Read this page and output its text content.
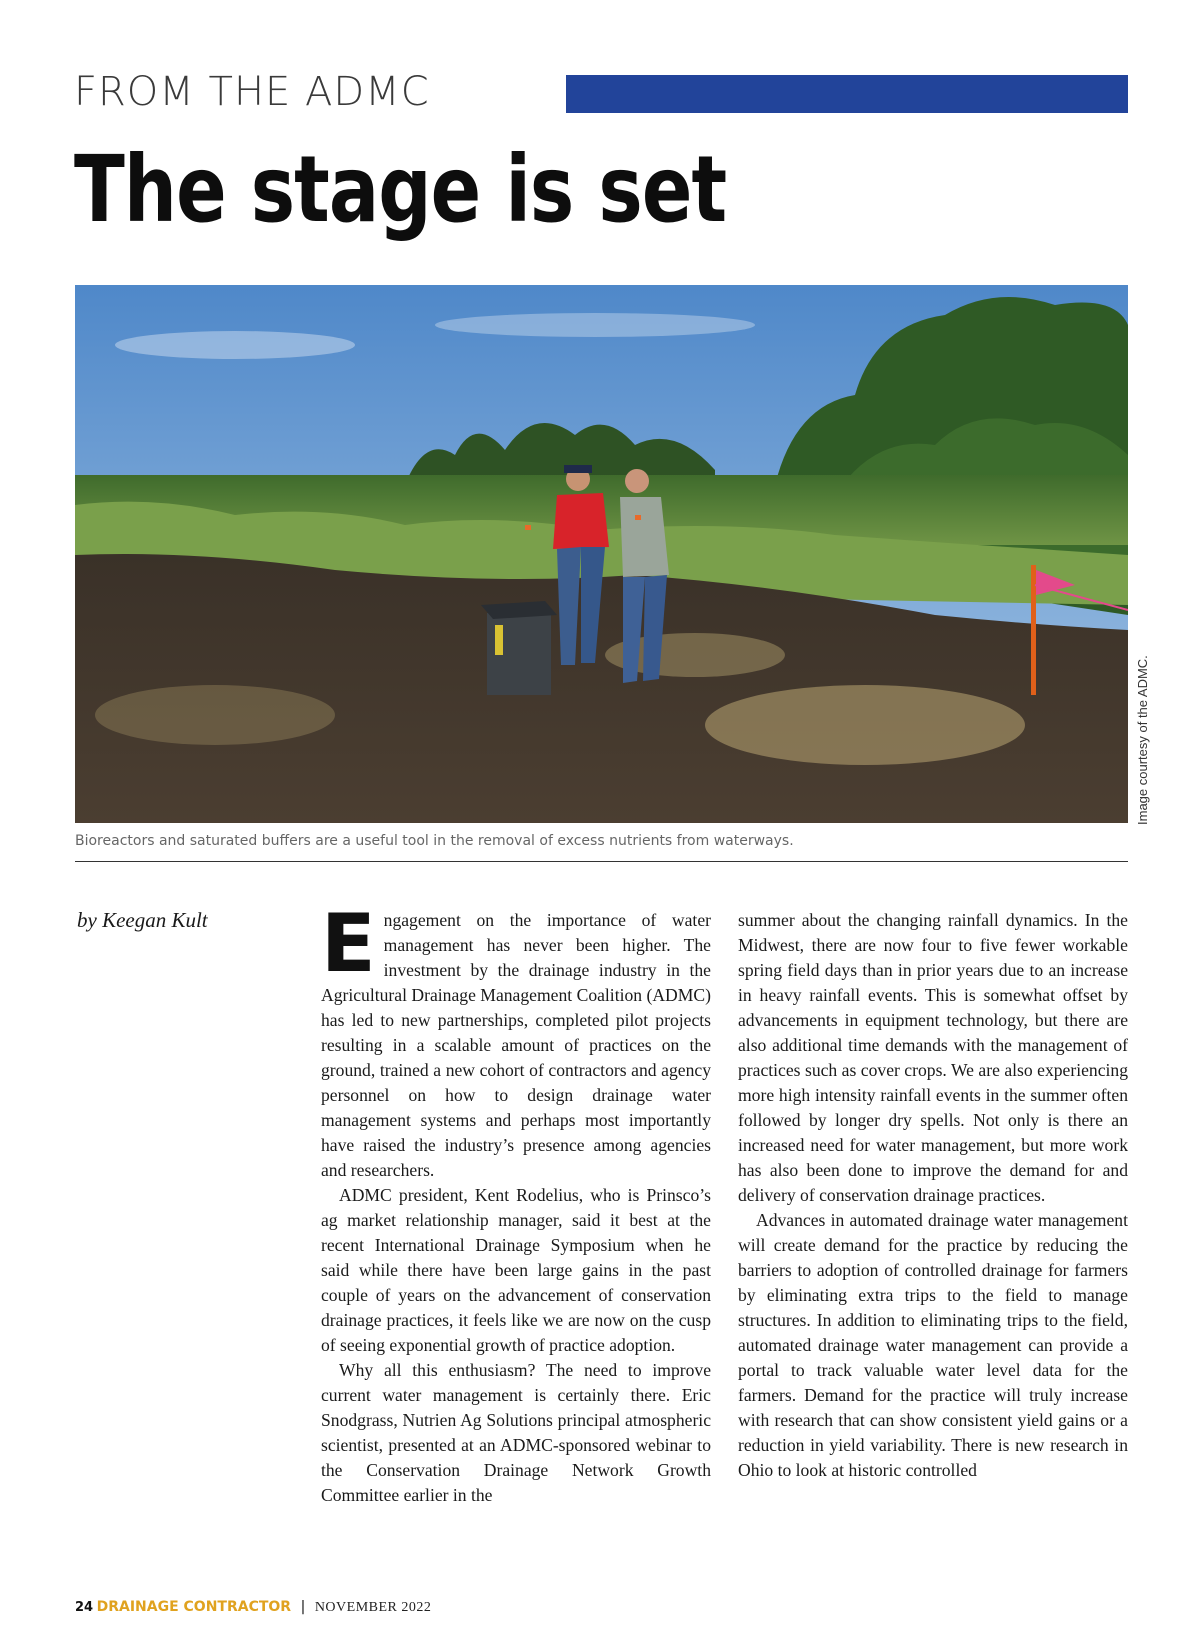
FROM THE ADMC
The stage is set
Image courtesy of the ADMC.
Bioreactors and saturated buffers are a useful tool in the removal of excess nutrients from waterways.
by Keegan Kult Engagement on the importance of water management has never been higher. The investment by the drainage industry in the Agricultural Drainage Management Coalition (ADMC) has led to new partnerships, completed pilot projects resulting in a scalable amount of practices on the ground, trained a new cohort of contractors and agency personnel on how to design drainage water management systems and perhaps most importantly have raised the industry’s presence among agencies and researchers.

ADMC president, Kent Rodelius, who is Prinsco’s ag market relationship manager, said it best at the recent International Drainage Symposium when he said while there have been large gains in the past couple of years on the advancement of conservation drainage practices, it feels like we are now on the cusp of seeing exponential growth of practice adoption.

Why all this enthusiasm? The need to improve current water management is certainly there. Eric Snodgrass, Nutrien Ag Solutions principal atmospheric scientist, presented at an ADMC-sponsored webinar to the Conservation Drainage Network Growth Committee earlier in the

summer about the changing rainfall dynamics. In the Midwest, there are now four to five fewer workable spring field days than in prior years due to an increase in heavy rainfall events. This is somewhat offset by advancements in equipment technology, but there are also additional time demands with the management of practices such as cover crops. We are also experiencing more high intensity rainfall events in the summer often followed by longer dry spells. Not only is there an increased need for water management, but more work has also been done to improve the demand for and delivery of conservation drainage practices.

Advances in automated drainage water management will create demand for the practice by reducing the barriers to adoption of controlled drainage for farmers by eliminating extra trips to the field to manage structures. In addition to eliminating trips to the field, automated drainage water management can provide a portal to track valuable water level data for the farmers. Demand for the practice will truly increase with research that can show consistent yield gains or a reduction in yield variability. There is new research in Ohio to look at historic controlled

24 DRAINAGE CONTRACTOR | NOVEMBER 2022
